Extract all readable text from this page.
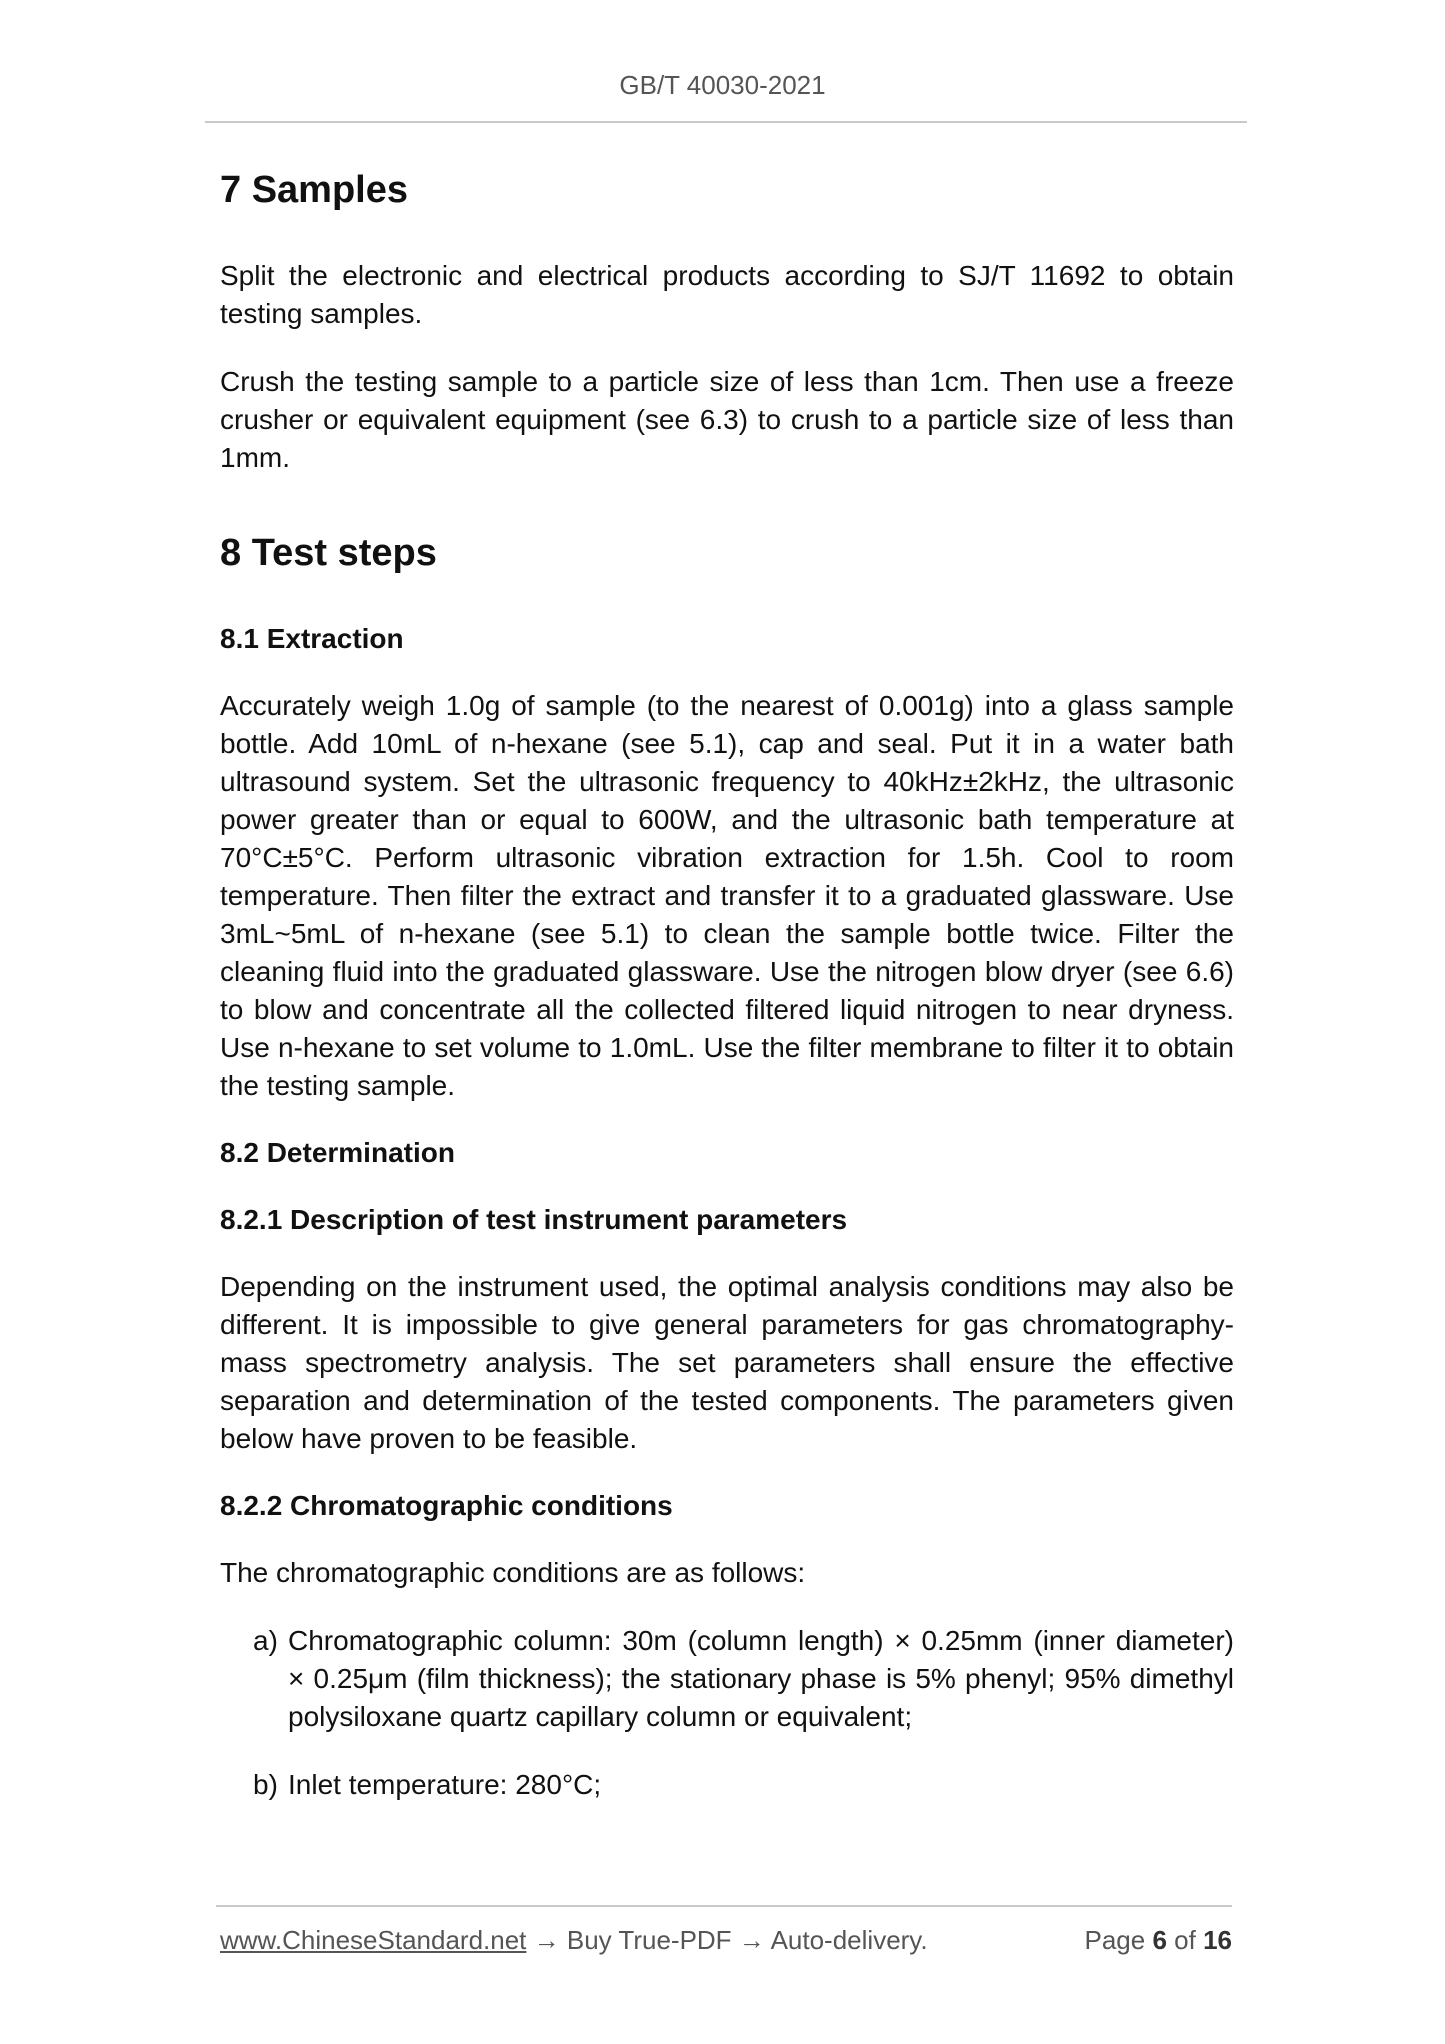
GB/T 40030-2021
7 Samples

Split the electronic and electrical products according to SJ/T 11692 to obtain testing samples.

Crush the testing sample to a particle size of less than 1cm. Then use a freeze crusher or equivalent equipment (see 6.3) to crush to a particle size of less than 1mm.

8 Test steps
8.1 Extraction

Accurately weigh 1.0g of sample (to the nearest of 0.001g) into a glass sample bottle. Add 10mL of n-hexane (see 5.1), cap and seal. Put it in a water bath ultrasound system. Set the ultrasonic frequency to 40kHz±2kHz, the ultrasonic power greater than or equal to 600W, and the ultrasonic bath temperature at 70°C±5°C. Perform ultrasonic vibration extraction for 1.5h. Cool to room temperature. Then filter the extract and transfer it to a graduated glassware. Use 3mL~5mL of n-hexane (see 5.1) to clean the sample bottle twice. Filter the cleaning fluid into the graduated glassware. Use the nitrogen blow dryer (see 6.6) to blow and concentrate all the collected filtered liquid nitrogen to near dryness. Use n-hexane to set volume to 1.0mL. Use the filter membrane to filter it to obtain the testing sample.

8.2 Determination
8.2.1 Description of test instrument parameters

Depending on the instrument used, the optimal analysis conditions may also be different. It is impossible to give general parameters for gas chromatography-mass spectrometry analysis. The set parameters shall ensure the effective separation and determination of the tested components. The parameters given below have proven to be feasible.

8.2.2 Chromatographic conditions

The chromatographic conditions are as follows:

a) Chromatographic column: 30m (column length) × 0.25mm (inner diameter) × 0.25μm (film thickness); the stationary phase is 5% phenyl; 95% dimethyl polysiloxane quartz capillary column or equivalent;
b) Inlet temperature: 280°C;
www.ChineseStandard.net → Buy True-PDF → Auto-delivery.	Page 6 of 16
